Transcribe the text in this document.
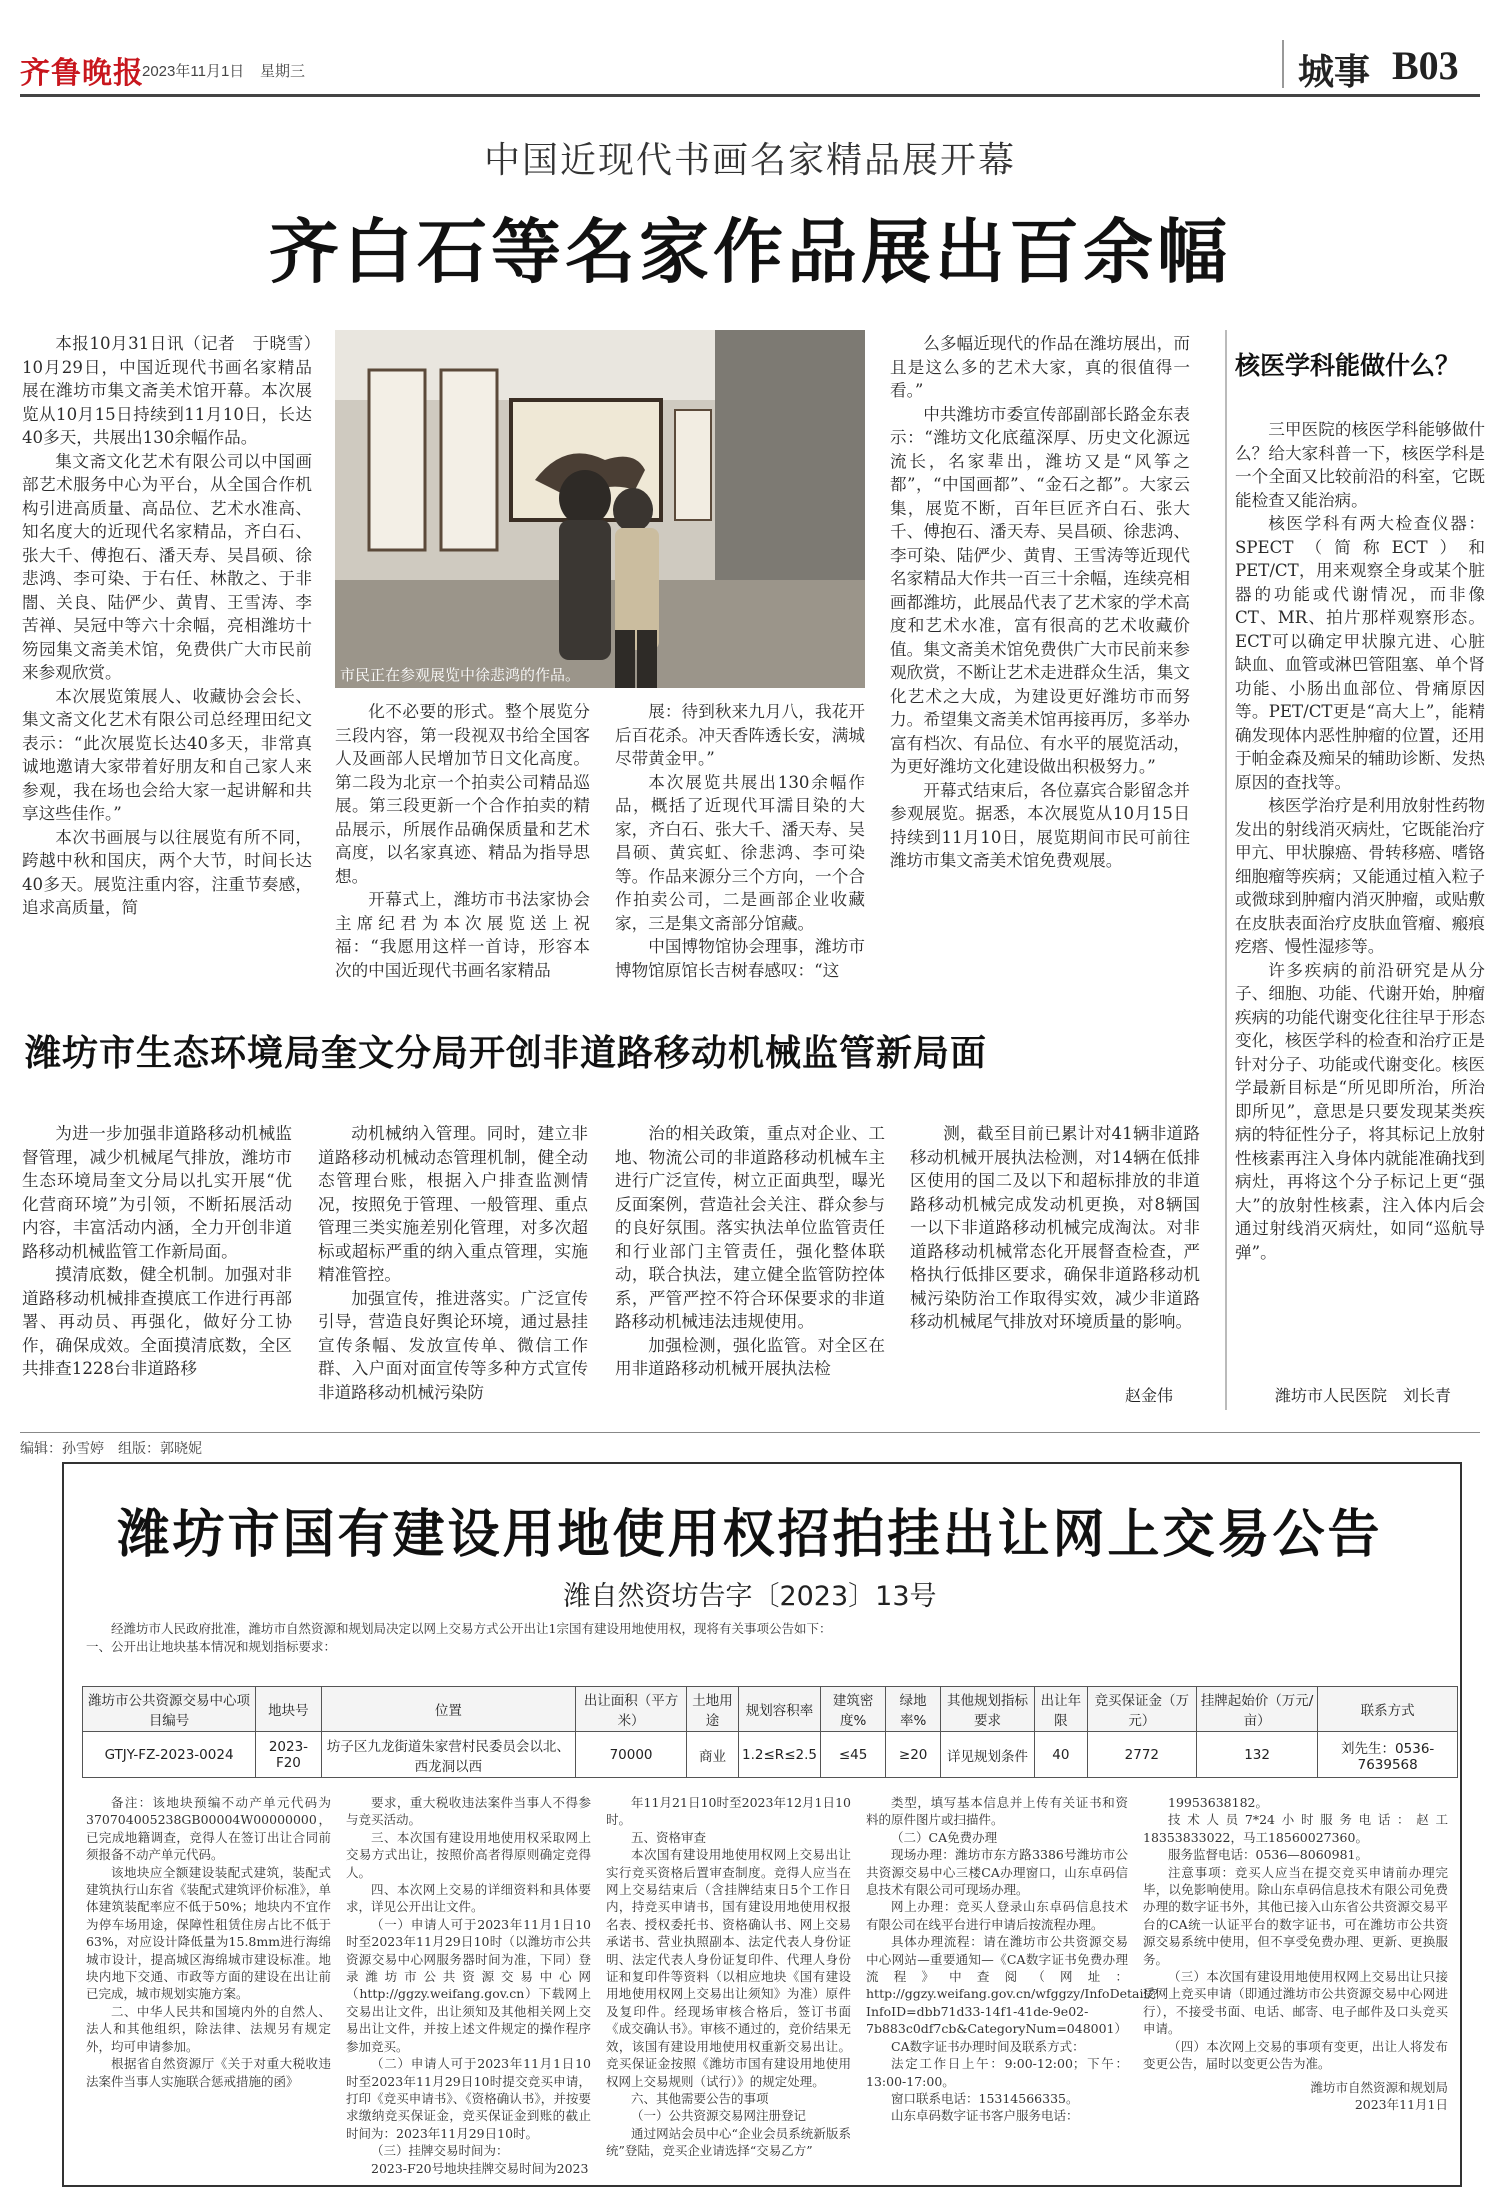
齐鲁晚报
2023年11月1日 星期三	城事 B03
中国近现代书画名家精品展开幕
齐白石等名家作品展出百余幅

本报10月31日讯（记者　于晓雪）10月29日，中国近现代书画名家精品展在潍坊市集文斋美术馆开幕。本次展览从10月15日持续到11月10日，长达40多天，共展出130余幅作品。

集文斋文化艺术有限公司以中国画部艺术服务中心为平台，从全国合作机构引进高质量、高品位、艺术水准高、知名度大的近现代名家精品，齐白石、张大千、傅抱石、潘天寿、吴昌硕、徐悲鸿、李可染、于右任、林散之、于非闇、关良、陆俨少、黄胄、王雪涛、李苦禅、吴冠中等六十余幅，亮相潍坊十笏园集文斋美术馆，免费供广大市民前来参观欣赏。

本次展览策展人、收藏协会会长、集文斋文化艺术有限公司总经理田纪文表示：“此次展览长达40多天，非常真诚地邀请大家带着好朋友和自己家人来参观，我在场也会给大家一起讲解和共享这些佳作。”

本次书画展与以往展览有所不同，跨越中秋和国庆，两个大节，时间长达40多天。展览注重内容，注重节奏感，追求高质量，简

市民正在参观展览中徐悲鸿的作品。

化不必要的形式。整个展览分三段内容，第一段视双书给全国客人及画部人民增加节日文化高度。第二段为北京一个拍卖公司精品巡展。第三段更新一个合作拍卖的精品展示，所展作品确保质量和艺术高度，以名家真迹、精品为指导思想。

开幕式上，潍坊市书法家协会主席纪君为本次展览送上祝福：“我愿用这样一首诗，形容本次的中国近现代书画名家精品

展：待到秋来九月八，我花开后百花杀。冲天香阵透长安，满城尽带黄金甲。”

本次展览共展出130余幅作品，概括了近现代耳濡目染的大家，齐白石、张大千、潘天寿、吴昌硕、黄宾虹、徐悲鸿、李可染等。作品来源分三个方向，一个合作拍卖公司，二是画部企业收藏家，三是集文斋部分馆藏。

中国博物馆协会理事，潍坊市博物馆原馆长吉树春感叹：“这

么多幅近现代的作品在潍坊展出，而且是这么多的艺术大家，真的很值得一看。”

中共潍坊市委宣传部副部长路金东表示：“潍坊文化底蕴深厚、历史文化源远流长，名家辈出，潍坊又是“风筝之都”，“中国画都”、“金石之都”。大家云集，展览不断，百年巨匠齐白石、张大千、傅抱石、潘天寿、吴昌硕、徐悲鸿、李可染、陆俨少、黄胄、王雪涛等近现代名家精品大作共一百三十余幅，连续亮相画都潍坊，此展品代表了艺术家的学术高度和艺术水准，富有很高的艺术收藏价值。集文斋美术馆免费供广大市民前来参观欣赏，不断让艺术走进群众生活，集文化艺术之大成，为建设更好潍坊市而努力。希望集文斋美术馆再接再厉，多举办富有档次、有品位、有水平的展览活动，为更好潍坊文化建设做出积极努力。”

开幕式结束后，各位嘉宾合影留念并参观展览。据悉，本次展览从10月15日持续到11月10日，展览期间市民可前往潍坊市集文斋美术馆免费观展。

核医学科能做什么？

三甲医院的核医学科能够做什么？给大家科普一下，核医学科是一个全面又比较前沿的科室，它既能检查又能治病。

核医学科有两大检查仪器：SPECT（简称ECT）和PET/CT，用来观察全身或某个脏器的功能或代谢情况，而非像CT、MR、拍片那样观察形态。ECT可以确定甲状腺亢进、心脏缺血、血管或淋巴管阻塞、单个肾功能、小肠出血部位、骨痛原因等。PET/CT更是“高大上”，能精确发现体内恶性肿瘤的位置，还用于帕金森及痴呆的辅助诊断、发热原因的查找等。

核医学治疗是利用放射性药物发出的射线消灭病灶，它既能治疗甲亢、甲状腺癌、骨转移癌、嗜铬细胞瘤等疾病；又能通过植入粒子或微球到肿瘤内消灭肿瘤，或贴敷在皮肤表面治疗皮肤血管瘤、瘢痕疙瘩、慢性湿疹等。

许多疾病的前沿研究是从分子、细胞、功能、代谢开始，肿瘤疾病的功能代谢变化往往早于形态变化，核医学科的检查和治疗正是针对分子、功能或代谢变化。核医学最新目标是“所见即所治，所治即所见”，意思是只要发现某类疾病的特征性分子，将其标记上放射性核素再注入身体内就能准确找到病灶，再将这个分子标记上更“强大”的放射性核素，注入体内后会通过射线消灭病灶，如同“巡航导弹”。

潍坊市人民医院　刘长青
潍坊市生态环境局奎文分局开创非道路移动机械监管新局面

为进一步加强非道路移动机械监督管理，减少机械尾气排放，潍坊市生态环境局奎文分局以扎实开展“优化营商环境”为引领，不断拓展活动内容，丰富活动内涵，全力开创非道路移动机械监管工作新局面。

摸清底数，健全机制。加强对非道路移动机械排查摸底工作进行再部署、再动员、再强化，做好分工协作，确保成效。全面摸清底数，全区共排查1228台非道路移

动机械纳入管理。同时，建立非道路移动机械动态管理机制，健全动态管理台账，根据入户排查监测情况，按照免于管理、一般管理、重点管理三类实施差别化管理，对多次超标或超标严重的纳入重点管理，实施精准管控。

加强宣传，推进落实。广泛宣传引导，营造良好舆论环境，通过悬挂宣传条幅、发放宣传单、微信工作群、入户面对面宣传等多种方式宣传非道路移动机械污染防

治的相关政策，重点对企业、工地、物流公司的非道路移动机械车主进行广泛宣传，树立正面典型，曝光反面案例，营造社会关注、群众参与的良好氛围。落实执法单位监管责任和行业部门主管责任，强化整体联动，联合执法，建立健全监管防控体系，严管严控不符合环保要求的非道路移动机械违法违规使用。

加强检测，强化监管。对全区在用非道路移动机械开展执法检

测，截至目前已累计对41辆非道路移动机械开展执法检测，对14辆在低排区使用的国二及以下和超标排放的非道路移动机械完成发动机更换，对8辆国一以下非道路移动机械完成淘汰。对非道路移动机械常态化开展督查检查，严格执行低排区要求，确保非道路移动机械污染防治工作取得实效，减少非道路移动机械尾气排放对环境质量的影响。

赵金伟
编辑：孙雪婷　组版：郭晓妮
潍坊市国有建设用地使用权招拍挂出让网上交易公告
潍自然资坊告字〔2023〕13号

经潍坊市人民政府批准，潍坊市自然资源和规划局决定以网上交易方式公开出让1宗国有建设用地使用权，现将有关事项公告如下：

一、公开出让地块基本情况和规划指标要求：

潍坊市公共资源交易中心项目编号	地块号	位置	出让面积（平方米）	土地用途	规划容积率	建筑密度%	绿地率%	其他规划指标要求	出让年限	竞买保证金（万元）	挂牌起始价（万元/亩）	联系方式
GTJY-FZ-2023-0024	2023-F20	坊子区九龙街道朱家营村民委员会以北、西龙洞以西	70000	商业	1.2≤R≤2.5	≤45	≥20	详见规划条件	40	2772	132	刘先生：0536-7639568

备注：该地块预编不动产单元代码为370704005238GB00004W00000000，已完成地籍调查，竞得人在签订出让合同前须报备不动产单元代码。

该地块应全额建设装配式建筑，装配式建筑执行山东省《装配式建筑评价标准》，单体建筑装配率应不低于50%；地块内不宜作为停车场用途，保障性租赁住房占比不低于63%，对应设计降低量为15.8mm进行海绵城市设计，提高城区海绵城市建设标准。地块内地下交通、市政等方面的建设在出让前已完成，城市规划实施方案。

二、中华人民共和国境内外的自然人、法人和其他组织，除法律、法规另有规定外，均可申请参加。

根据省自然资源厅《关于对重大税收违法案件当事人实施联合惩戒措施的函》

要求，重大税收违法案件当事人不得参与竞买活动。

三、本次国有建设用地使用权采取网上交易方式出让，按照价高者得原则确定竞得人。

四、本次网上交易的详细资料和具体要求，详见公开出让文件。

（一）申请人可于2023年11月1日10时至2023年11月29日10时（以潍坊市公共资源交易中心网服务器时间为准，下同）登录潍坊市公共资源交易中心网（http://ggzy.weifang.gov.cn）下载网上交易出让文件，出让须知及其他相关网上交易出让文件，并按上述文件规定的操作程序参加竞买。

（二）申请人可于2023年11月1日10时至2023年11月29日10时提交竞买申请，打印《竞买申请书》、《资格确认书》，并按要求缴纳竞买保证金，竞买保证金到账的截止时间为：2023年11月29日10时。

（三）挂牌交易时间为：

2023-F20号地块挂牌交易时间为2023

年11月21日10时至2023年12月1日10时。

五、资格审查

本次国有建设用地使用权网上交易出让实行竞买资格后置审查制度。竞得人应当在网上交易结束后（含挂牌结束日5个工作日内，持竞买申请书，国有建设用地使用权报名表、授权委托书、资格确认书、网上交易承诺书、营业执照副本、法定代表人身份证明、法定代表人身份证复印件、代理人身份证和复印件等资料（以相应地块《国有建设用地使用权网上交易出让须知》为准）原件及复印件。经现场审核合格后，签订书面《成交确认书》。审核不通过的，竞价结果无效，该国有建设用地使用权重新交易出让。竞买保证金按照《潍坊市国有建设用地使用权网上交易规则（试行）》的规定处理。

六、其他需要公告的事项

（一）公共资源交易网注册登记

通过网站会员中心“企业会员系统新版系统”登陆，竞买企业请选择“交易乙方”

类型，填写基本信息并上传有关证书和资料的原件图片或扫描件。

（二）CA免费办理

现场办理：潍坊市东方路3386号潍坊市公共资源交易中心三楼CA办理窗口，山东卓码信息技术有限公司可现场办理。

网上办理：竞买人登录山东卓码信息技术有限公司在线平台进行申请后按流程办理。

具体办理流程：请在潍坊市公共资源交易中心网站—重要通知—《CA数字证书免费办理流程》中查阅（网址：http://ggzy.weifang.gov.cn/wfggzy/InfoDetail/?InfoID=dbb71d33-14f1-41de-9e02-7b883c0df7cb&CategoryNum=048001）

CA数字证书办理时间及联系方式：

法定工作日上午：9:00-12:00；下午：13:00-17:00。

窗口联系电话：15314566335。

山东卓码数字证书客户服务电话：

19953638182。

技术人员7*24小时服务电话：赵工18353833022，马工18560027360。

服务监督电话：0536—8060981。

注意事项：竞买人应当在提交竞买申请前办理完毕，以免影响使用。除山东卓码信息技术有限公司免费办理的数字证书外，其他已接入山东省公共资源交易平台的CA统一认证平台的数字证书，可在潍坊市公共资源交易系统中使用，但不享受免费办理、更新、更换服务。

（三）本次国有建设用地使用权网上交易出让只接受网上竞买申请（即通过潍坊市公共资源交易中心网进行），不接受书面、电话、邮寄、电子邮件及口头竞买申请。

（四）本次网上交易的事项有变更，出让人将发布变更公告，届时以变更公告为准。

潍坊市自然资源和规划局

2023年11月1日
